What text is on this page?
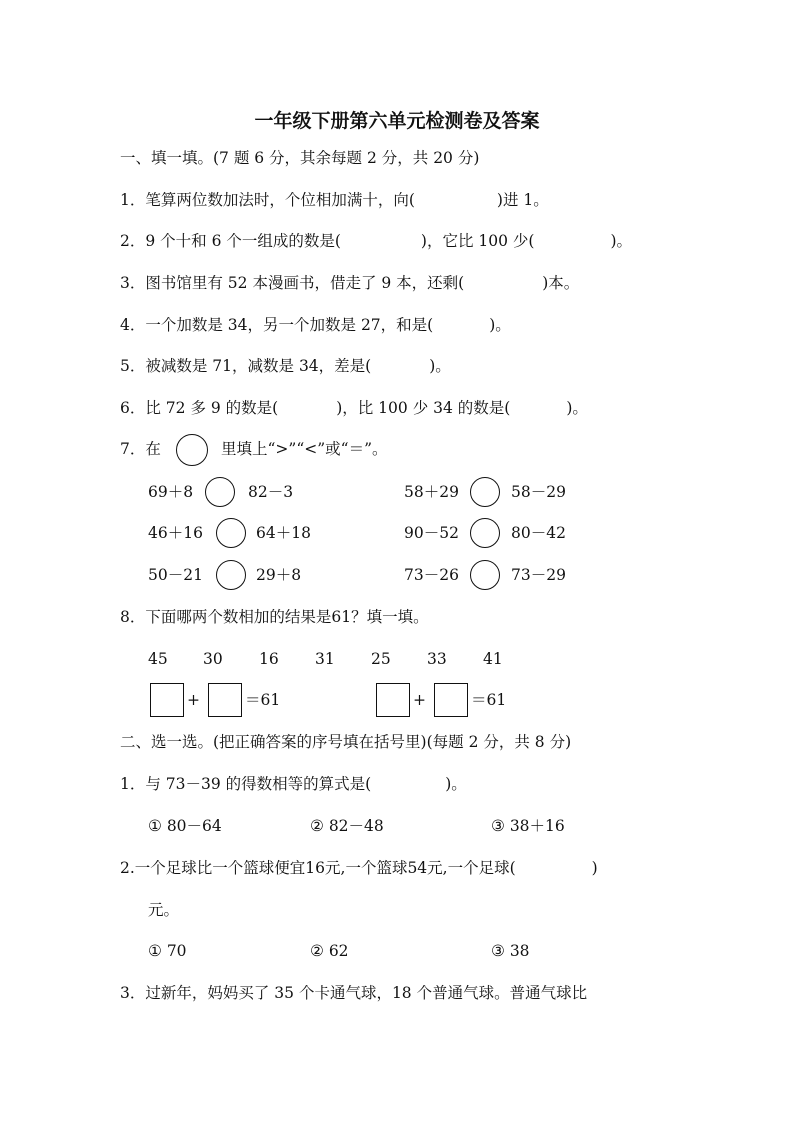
一年级下册第六单元检测卷及答案
一、填一填。(7 题 6 分，其余每题 2 分，共 20 分)
1．笔算两位数加法时，个位相加满十，向(	)进 1。
2．9 个十和 6 个一组成的数是(	)，它比 100 少(	)。
3．图书馆里有 52 本漫画书，借走了 9 本，还剩(	)本。
4．一个加数是 34，另一个加数是 27，和是(	)。
5．被减数是 71，减数是 34，差是(	)。
6．比 72 多 9 的数是(	)，比 100 少 34 的数是(	)。
7．在	里填上“>”“<”或“＝”。
69＋8	82－3	58＋29	58－29
46＋16	64＋18	90－52	80－42
50－21	29＋8	73－26	73－29
8．下面哪两个数相加的结果是61？填一填。
45 30 16 31 25 33 41
+	＝61	+	＝61
二、选一选。(把正确答案的序号填在括号里)(每题 2 分，共 8 分)
1．与 73－39 的得数相等的算式是(	)。
① 80－64	② 82－48	③ 38＋16
2.一个足球比一个篮球便宜16元,一个篮球54元,一个足球(	)
元。
① 70	② 62	③ 38
3．过新年，妈妈买了 35 个卡通气球，18 个普通气球。普通气球比
